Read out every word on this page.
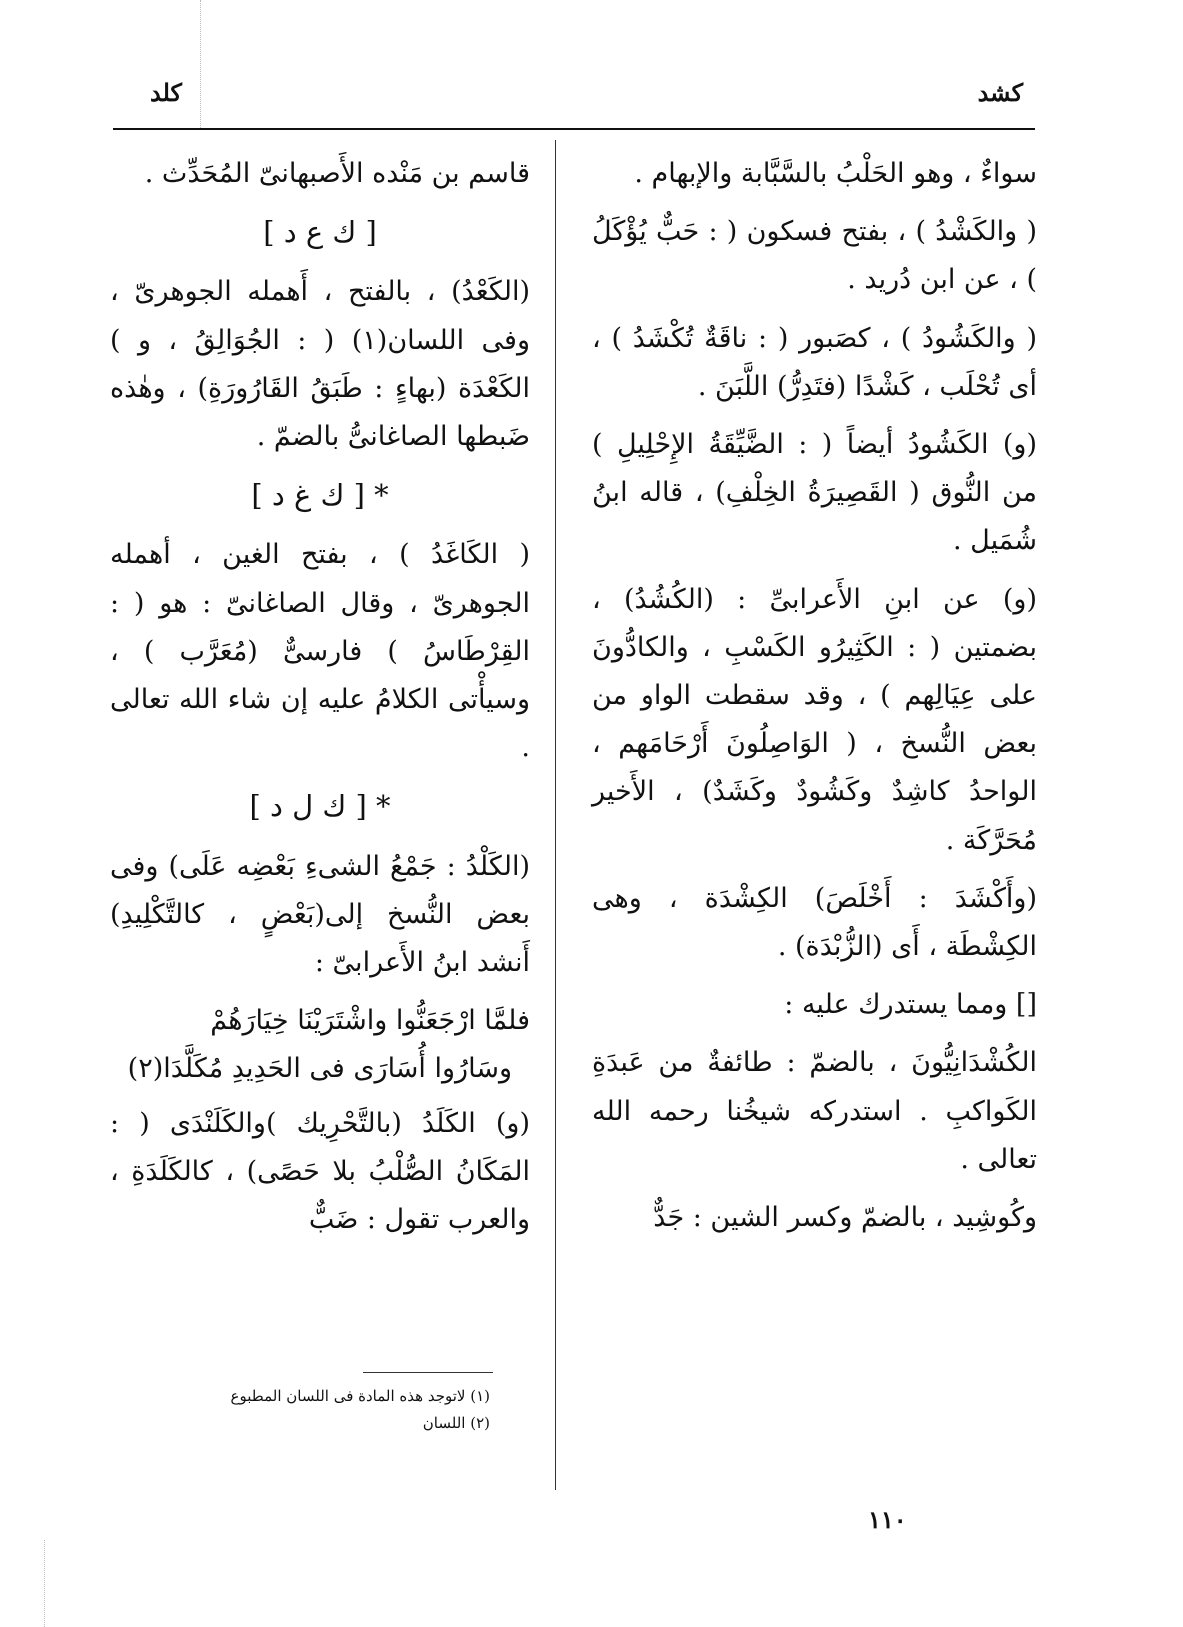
كشد
كلد

سواءٌ ، وهو الحَلْبُ بالسَّبَّابة والإبهام .

( والكَشْدُ ) ، بفتح فسكون ( : حَبٌّ يُؤْكَلُ ) ، عن ابن دُريد .

( والكَشُودُ ) ، كصَبور ( : ناقَةٌ تُكْشَدُ ) ، أى تُحْلَب ، كَشْدًا (فتَدِرُّ) اللَّبَنَ .

(و) الكَشُودُ أيضاً ( : الضَّيِّقَةُ الإِحْلِيلِ ) من النُّوق ( القَصِيرَةُ الخِلْفِ) ، قاله ابنُ شُمَيل .

(و) عن ابنِ الأَعرابىِّ : (الكُشُدُ) ، بضمتين ( : الكَثِيرُو الكَسْبِ ، والكادُّونَ على عِيَالِهم ) ، وقد سقطت الواو من بعض النُّسخ ، ( الوَاصِلُونَ أَرْحَامَهم ، الواحدُ كاشِدٌ وكَشُودٌ وكَشَدٌ) ، الأَخير مُحَرَّكَة .

(وأَكْشَدَ : أَخْلَصَ) الكِشْدَة ، وهى الكِشْطَة ، أَى (الزُّبْدَة) .

[] ومما يستدرك عليه :

الكُشْدَانِيُّونَ ، بالضمّ : طائفةٌ من عَبدَةِ الكَواكبِ . استدركه شيخُنا رحمه الله تعالى .

وكُوشِيد ، بالضمّ وكسر الشين : جَدٌّ

قاسم بن مَنْده الأَصبهانىّ المُحَدِّث .

[ ك ع د ]

(الكَعْدُ) ، بالفتح ، أَهمله الجوهرىّ ، وفى اللسان(١) ( : الجُوَالِقُ ، و ) الكَعْدَة (بهاءٍ : طَبَقُ القَارُورَةِ) ، وهٰذه ضَبطها الصاغانىُّ بالضمّ .

* [ ك غ د ]

( الكَاغَدُ ) ، بفتح الغين ، أهمله الجوهرىّ ، وقال الصاغانىّ : هو ( : القِرْطَاسُ ) فارسىٌّ (مُعَرَّب ) ، وسيأْتى الكلامُ عليه إن شاء الله تعالى .

* [ ك ل د ]

(الكَلْدُ : جَمْعُ الشىءِ بَعْضِه عَلَى) وفى بعض النُّسخ إلى(بَعْضٍ ، كالتَّكْلِيدِ) أَنشد ابنُ الأَعرابىّ :

فلمَّا ارْجَعَنُّوا واشْتَرَيْنَا خِيَارَهُمْ

وسَارُوا أُسَارَى فى الحَدِيدِ مُكَلَّدَا(٢)

(و) الكَلَدُ (بالتَّحْرِيك )والكَلَنْدَى ( : المَكَانُ الصُّلْبُ بلا حَصًى) ، كالكَلَدَةِ ، والعرب تقول : ضَبٌّ

(١) لاتوجد هذه المادة فى اللسان المطبوع
(٢) اللسان
١١٠
